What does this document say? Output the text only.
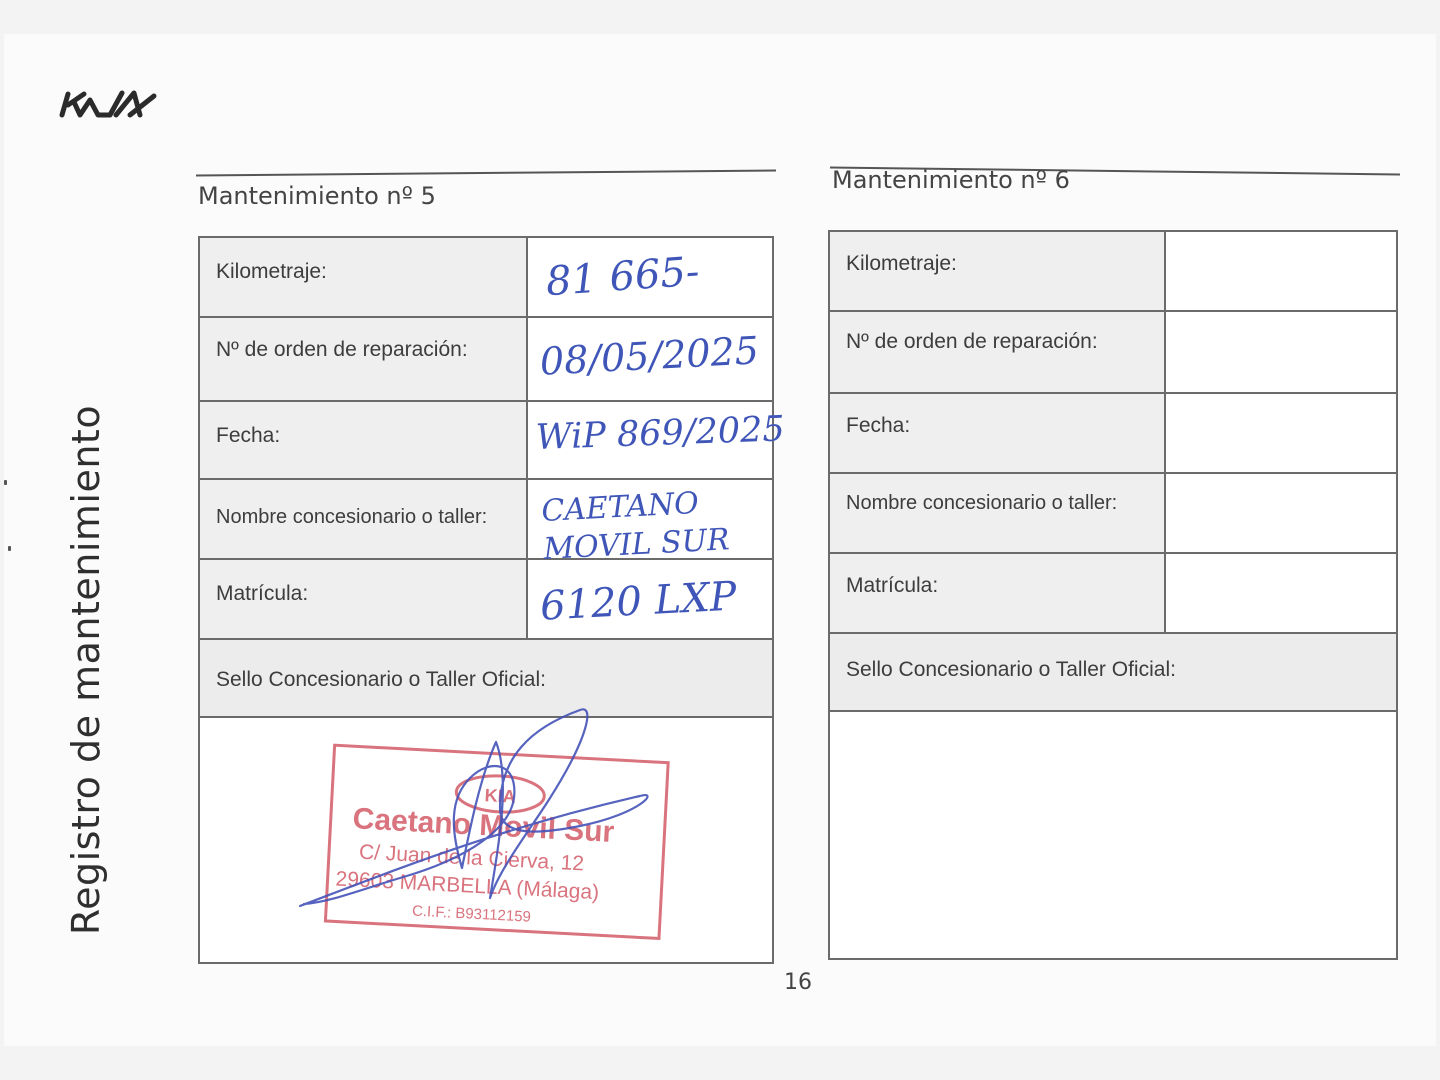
Registro de mantenimiento
Mantenimiento nº 5
Kilometraje:	81 665-
Nº de orden de reparación:	08/05/2025
Fecha:	WiP 869/2025
Nombre concesionario o taller:	CAETANO MOVIL SUR
Matrícula:	6120 LXP
Sello Concesionario o Taller Oficial:
KIA
Caetano Movil Sur
C/ Juan de la Cierva, 12
29603 MARBELLA (Málaga)
C.I.F.: B93112159
Mantenimiento nº 6
Kilometraje:
Nº de orden de reparación:
Fecha:
Nombre concesionario o taller:
Matrícula:
Sello Concesionario o Taller Oficial:
16
